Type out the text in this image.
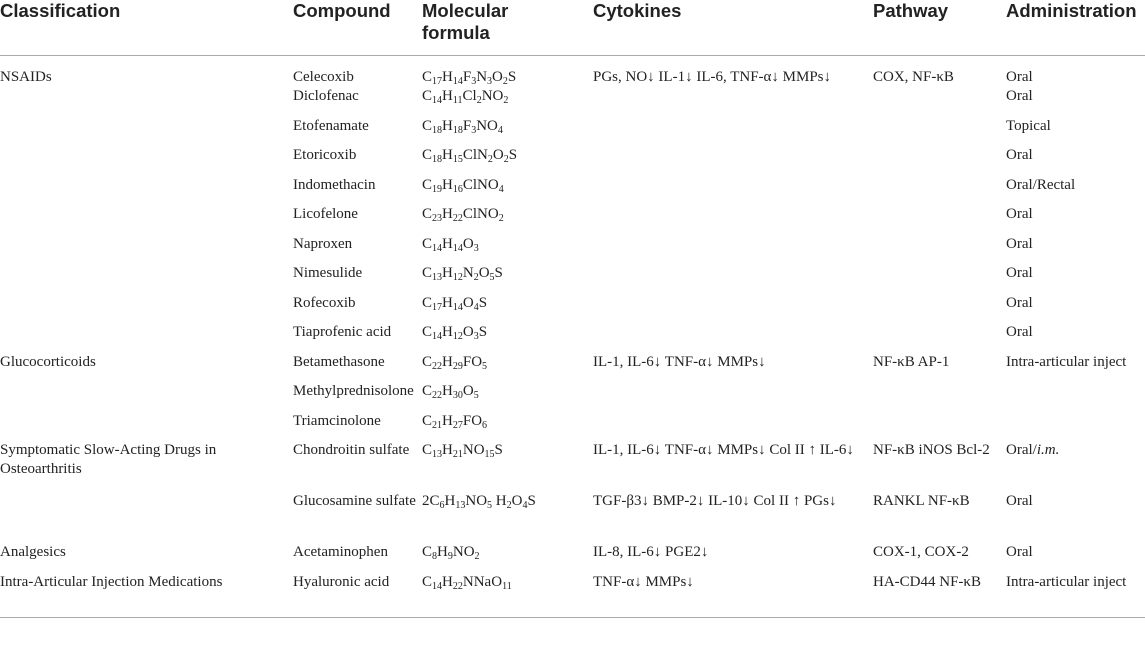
Classification	Compound	Molecular formula	Cytokines	Pathway	Administration

NSAIDs	Celecoxib	$C_{17}H_{14}F_3N_3O_2S$	PGs, NO↓ IL-1↓ IL-6, TNF-α↓ MMPs↓	COX, NF-κB	Oral

	Diclofenac	$C_{14}H_{11}Cl_2NO_2$			Oral

	Etofenamate	$C_{18}H_{18}F_3NO_4$			Topical

	Etoricoxib	$C_{18}H_{15}ClN_2O_2S$			Oral

	Indomethacin	$C_{19}H_{16}ClNO_4$			Oral/Rectal

	Licofelone	$C_{23}H_{22}ClNO_2$			Oral

	Naproxen	$C_{14}H_{14}O_3$			Oral

	Nimesulide	$C_{13}H_{12}N_2O_5S$			Oral

	Rofecoxib	$C_{17}H_{14}O_4S$			Oral

	Tiaprofenic acid	$C_{14}H_{12}O_3S$			Oral

Glucocorticoids	Betamethasone	$C_{22}H_{29}FO_5$	IL-1, IL-6↓ TNF-α↓ MMPs↓	NF-κB AP-1	Intra-articular inject

	Methylprednisolone	$C_{22}H_{30}O_5$

	Triamcinolone	$C_{21}H_{27}FO_6$

Symptomatic Slow-Acting Drugs in Osteoarthritis	Chondroitin sulfate	$C_{13}H_{21}NO_{15}S$	IL-1, IL-6↓ TNF-α↓ MMPs↓ Col II ↑ IL-6↓	NF-κB iNOS Bcl-2	Oral/i.m.

	Glucosamine sulfate	$2C_6H_{13}NO_5$ $H_2O_4S$	TGF-β3↓ BMP-2↓ IL-10↓ Col II ↑ PGs↓	RANKL NF-κB	Oral

Analgesics	Acetaminophen	$C_8H_9NO_2$	IL-8, IL-6↓ PGE2↓	COX-1, COX-2	Oral

Intra-Articular Injection Medications	Hyaluronic acid	$C_{14}H_{22}NNaO_{11}$	TNF-α↓ MMPs↓	HA-CD44 NF-κB	Intra-articular inject
